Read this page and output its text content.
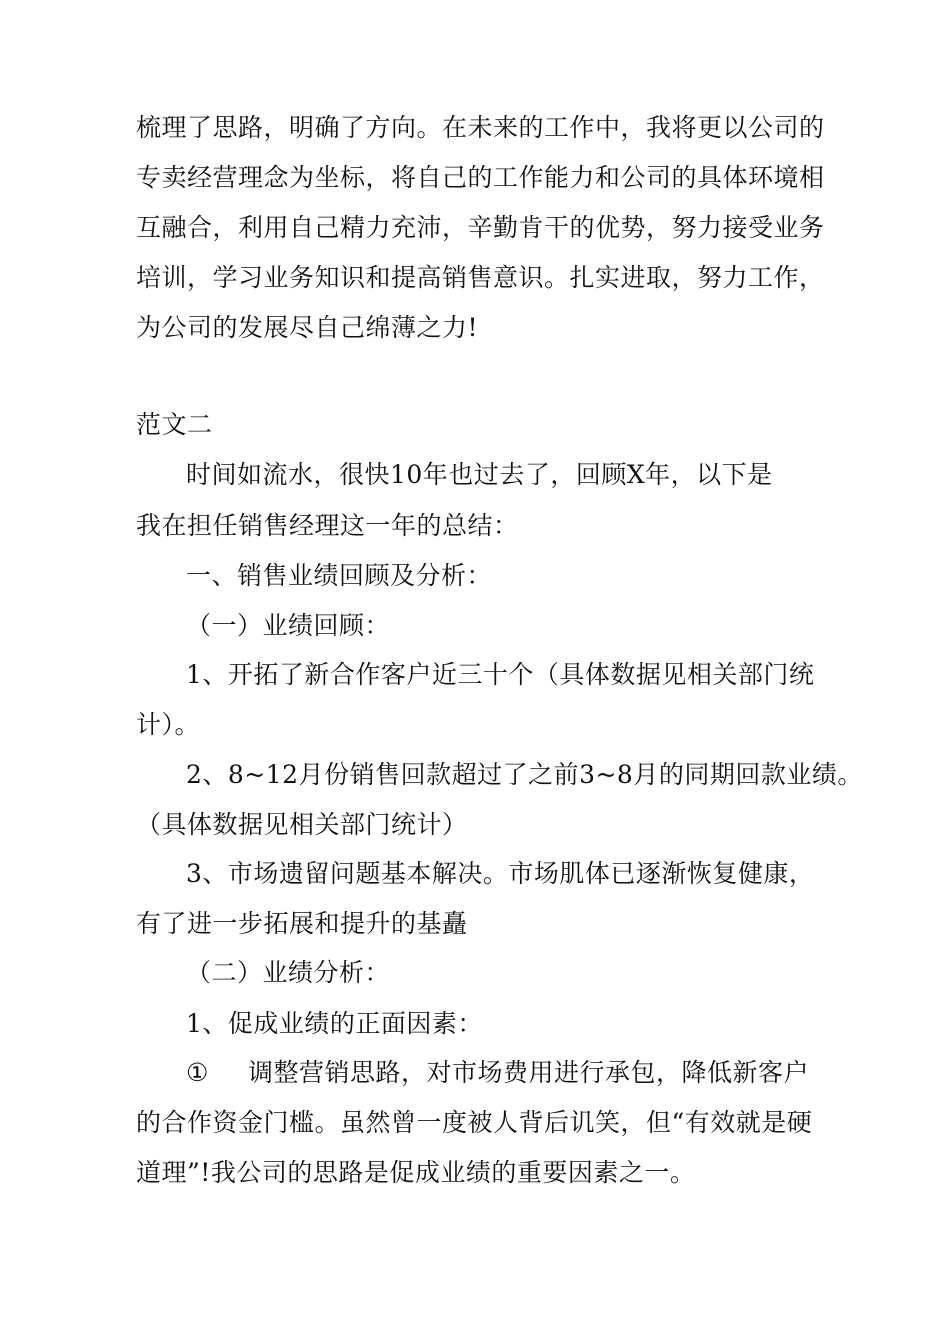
梳理了思路，明确了方向。在未来的工作中，我将更以公司的
专卖经营理念为坐标，将自己的工作能力和公司的具体环境相
互融合，利用自己精力充沛，辛勤肯干的优势，努力接受业务
培训，学习业务知识和提高销售意识。扎实进取，努力工作，
为公司的发展尽自己绵薄之力!
范文二
时间如流水，很快10年也过去了，回顾X年，以下是
我在担任销售经理这一年的总结：
一、销售业绩回顾及分析：
（一）业绩回顾：
1、开拓了新合作客户近三十个（具体数据见相关部门统
计）。
2、8~12月份销售回款超过了之前3~8月的同期回款业绩。
（具体数据见相关部门统计）
3、市场遗留问题基本解决。市场肌体已逐渐恢复健康，
有了进一步拓展和提升的基矗
（二）业绩分析：
1、促成业绩的正面因素：
① 调整营销思路，对市场费用进行承包，降低新客户
的合作资金门槛。虽然曾一度被人背后讥笑，但“有效就是硬
道理”!我公司的思路是促成业绩的重要因素之一。
